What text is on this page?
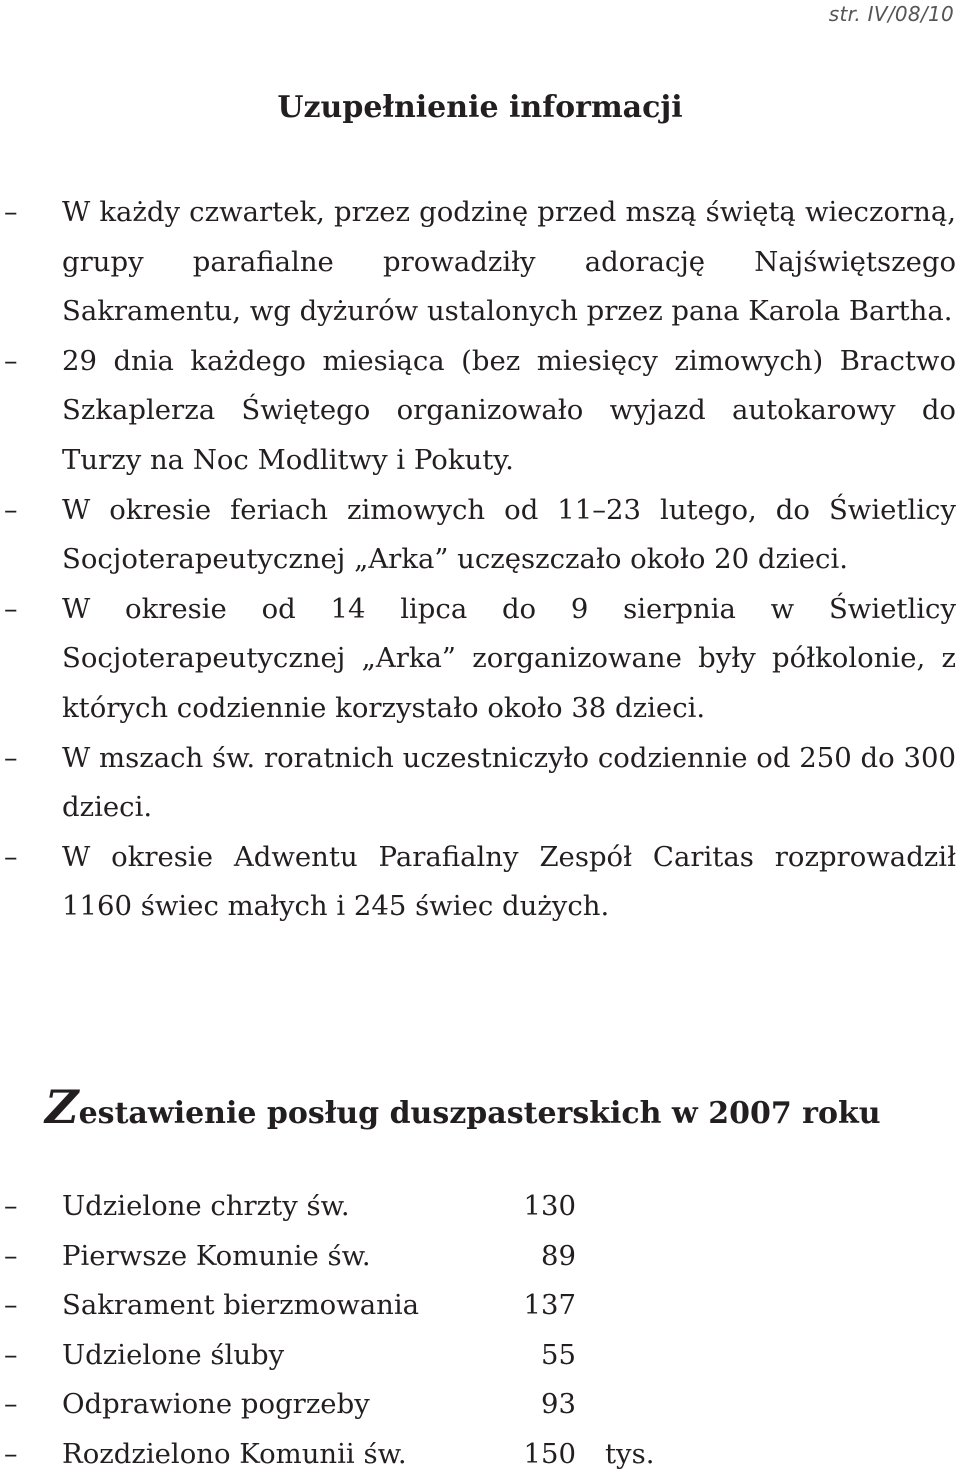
str. IV/08/10
Uzupełnienie informacji
– W każdy czwartek, przez godzinę przed mszą świętą wieczorną, grupy parafialne prowadziły adorację Najświętszego Sakramentu, wg dyżurów ustalonych przez pana Karola Bartha.
– 29 dnia każdego miesiąca (bez miesięcy zimowych) Bractwo Szkaplerza Świętego organizowało wyjazd autokarowy do Turzy na Noc Modlitwy i Pokuty.
– W okresie feriach zimowych od 11–23 lutego, do Świetlicy Socjoterapeutycznej „Arka” uczęszczało około 20 dzieci.
– W okresie od 14 lipca do 9 sierpnia w Świetlicy Socjoterapeutycznej „Arka” zorganizowane były półkolonie, z których codziennie korzystało około 38 dzieci.
– W mszach św. roratnich uczestniczyło codziennie od 250 do 300 dzieci.
– W okresie Adwentu Parafialny Zespół Caritas rozprowadził 1160 świec małych i 245 świec dużych.
Zestawienie posług duszpasterskich w 2007 roku
– Udzielone chrzty św.	130
– Pierwsze Komunie św.	89
– Sakrament bierzmowania	137
– Udzielone śluby	55
– Odprawione pogrzeby	93
– Rozdzielono Komunii św.	150 tys.
